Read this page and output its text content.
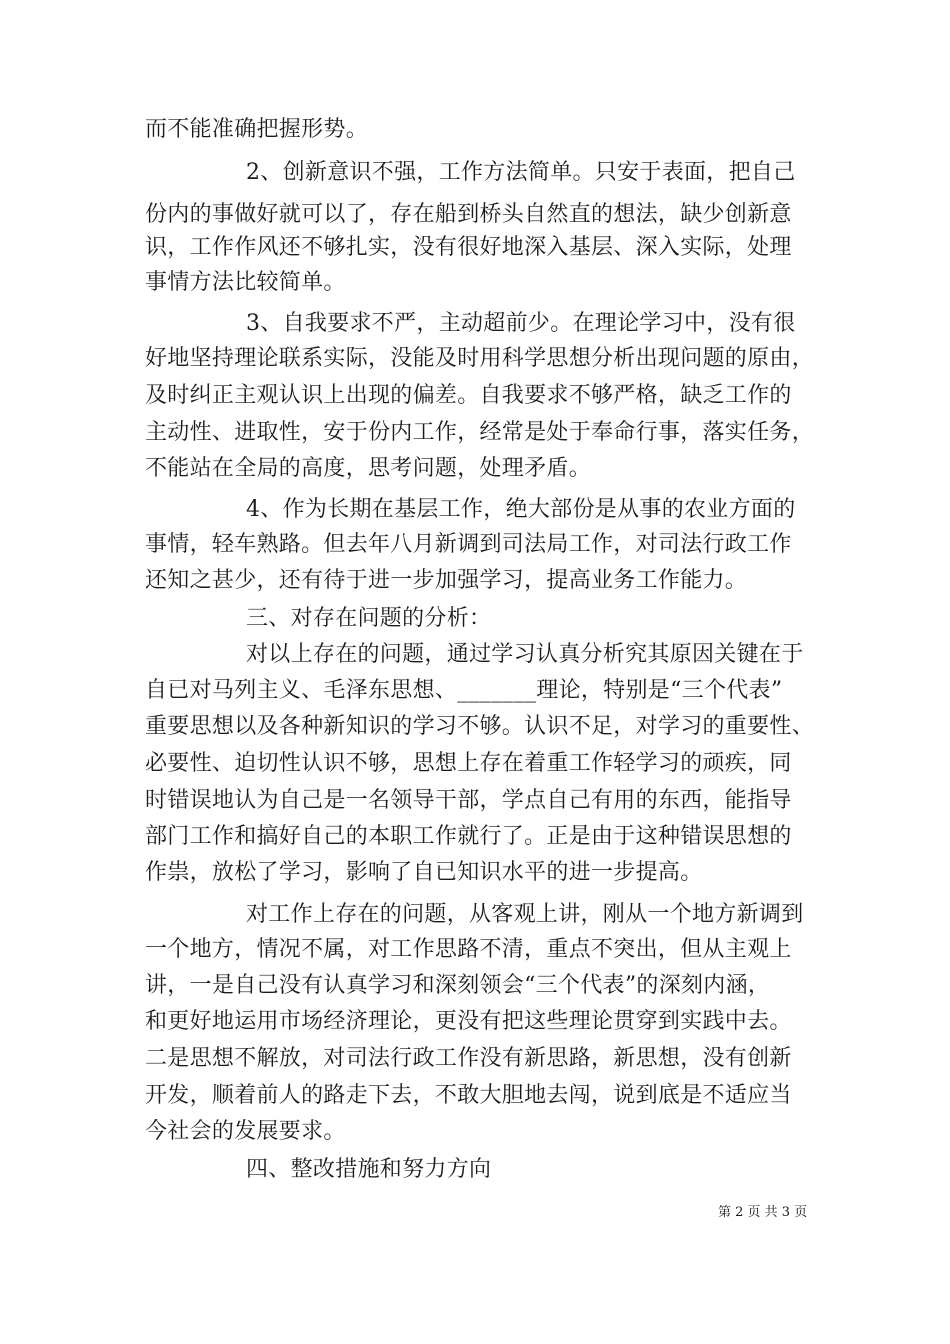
而不能准确把握形势。
2、创新意识不强，工作方法简单。只安于表面，把自己
份内的事做好就可以了，存在船到桥头自然直的想法，缺少创新意
识，工作作风还不够扎实，没有很好地深入基层、深入实际，处理
事情方法比较简单。
3、自我要求不严，主动超前少。在理论学习中，没有很
好地坚持理论联系实际，没能及时用科学思想分析出现问题的原由，
及时纠正主观认识上出现的偏差。自我要求不够严格，缺乏工作的
主动性、进取性，安于份内工作，经常是处于奉命行事，落实任务，
不能站在全局的高度，思考问题，处理矛盾。
4、作为长期在基层工作，绝大部份是从事的农业方面的
事情，轻车熟路。但去年八月新调到司法局工作，对司法行政工作
还知之甚少，还有待于进一步加强学习，提高业务工作能力。
三、对存在问题的分析：
对以上存在的问题，通过学习认真分析究其原因关键在于
自已对马列主义、毛泽东思想、_______理论，特别是“三个代表”
重要思想以及各种新知识的学习不够。认识不足，对学习的重要性、
必要性、迫切性认识不够，思想上存在着重工作轻学习的顽疾，同
时错误地认为自己是一名领导干部，学点自己有用的东西，能指导
部门工作和搞好自己的本职工作就行了。正是由于这种错误思想的
作祟，放松了学习，影响了自已知识水平的进一步提高。
对工作上存在的问题，从客观上讲，刚从一个地方新调到
一个地方，情况不属，对工作思路不清，重点不突出，但从主观上
讲，一是自己没有认真学习和深刻领会“三个代表”的深刻内涵，
和更好地运用市场经济理论，更没有把这些理论贯穿到实践中去。
二是思想不解放，对司法行政工作没有新思路，新思想，没有创新
开发，顺着前人的路走下去，不敢大胆地去闯，说到底是不适应当
今社会的发展要求。
四、整改措施和努力方向
第 2 页 共 3 页
